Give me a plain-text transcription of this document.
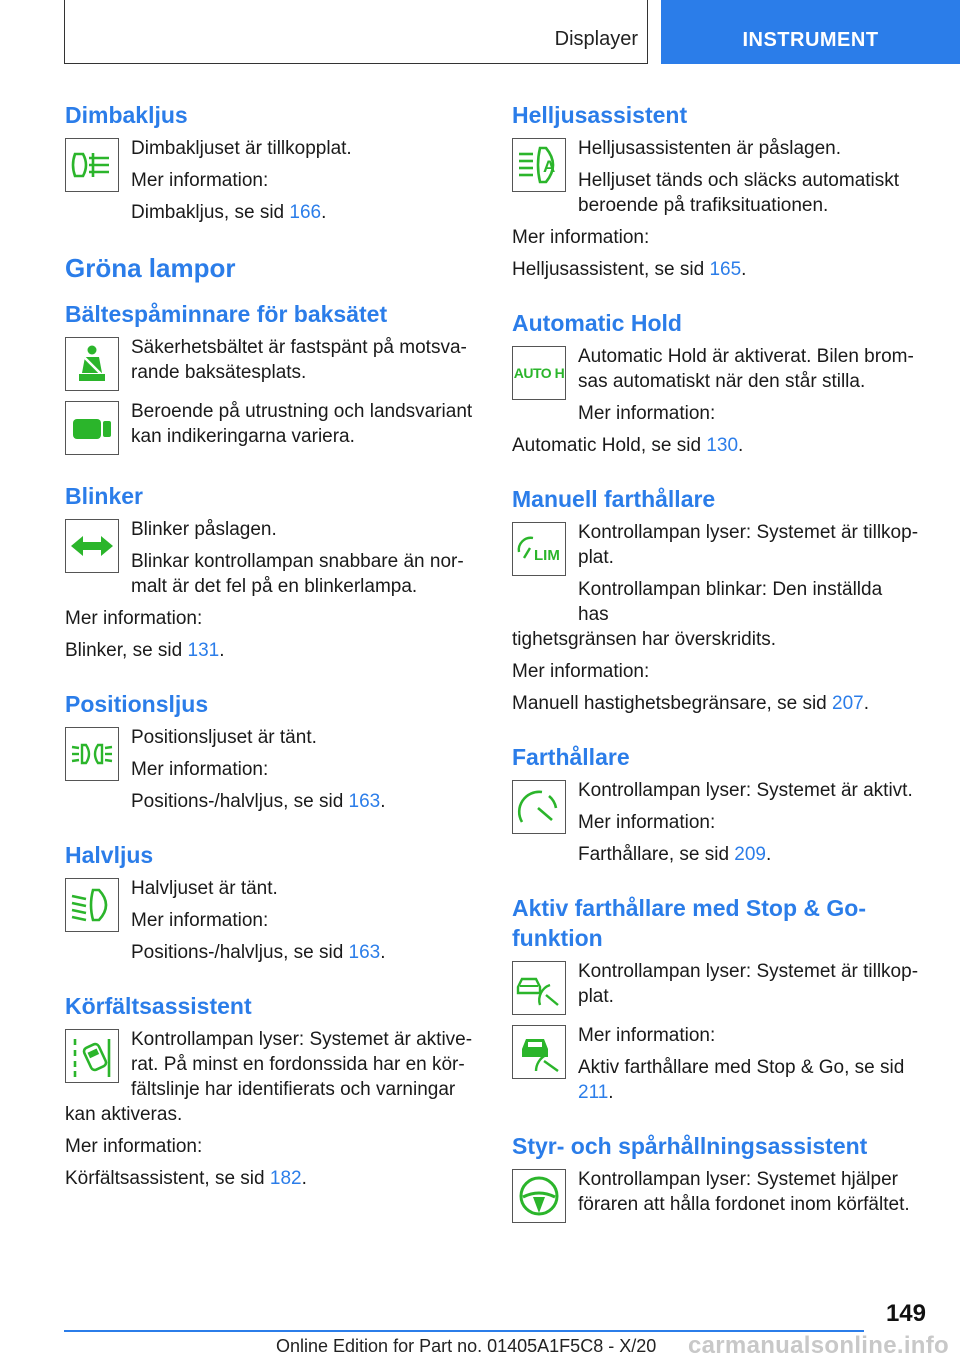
Displayer	INSTRUMENT
Dimbakljus

Dimbakljuset är tillkopplat.

Mer information:

Dimbakljus, se sid 166.

Gröna lampor
Bältespåminnare för baksätet

Säkerhetsbältet är fastspänt på motsvarande baksätesplats.

Beroende på utrustning och landsvariant kan indikeringarna variera.

Blinker

Blinker påslagen.

Blinkar kontrollampan snabbare än normalt är det fel på en blinkerlampa.

Mer information:

Blinker, se sid 131.

Positionsljus

Positionsljuset är tänt.

Mer information:

Positions-/halvljus, se sid 163.

Halvljus

Halvljuset är tänt.

Mer information:

Positions-/halvljus, se sid 163.

Körfältsassistent

Kontrollampan lyser: Systemet är aktiverat. På minst en fordonssida har en körfältslinje har identifierats och varningar

kan aktiveras.

Mer information:

Körfältsassistent, se sid 182.

Helljusassistent
A

Helljusassistenten är påslagen.

Helljuset tänds och släcks automatiskt beroende på trafiksituationen.

Mer information:

Helljusassistent, se sid 165.

Automatic Hold
AUTO H

Automatic Hold är aktiverat. Bilen bromsas automatiskt när den står stilla.

Mer information:

Automatic Hold, se sid 130.

Manuell farthållare
LIM

Kontrollampan lyser: Systemet är tillkopplat.

Kontrollampan blinkar: Den inställda has

tighetsgränsen har överskridits.

Mer information:

Manuell hastighetsbegränsare, se sid 207.

Farthållare

Kontrollampan lyser: Systemet är aktivt.

Mer information:

Farthållare, se sid 209.

Aktiv farthållare med Stop & Go-funktion

Kontrollampan lyser: Systemet är tillkopplat.

Mer information:

Aktiv farthållare med Stop & Go, se sid 211.

Styr- och spårhållningsassistent

Kontrollampan lyser: Systemet hjälper föraren att hålla fordonet inom körfältet.

149
Online Edition for Part no. 01405A1F5C8 - X/20 carmanualsonline.info
